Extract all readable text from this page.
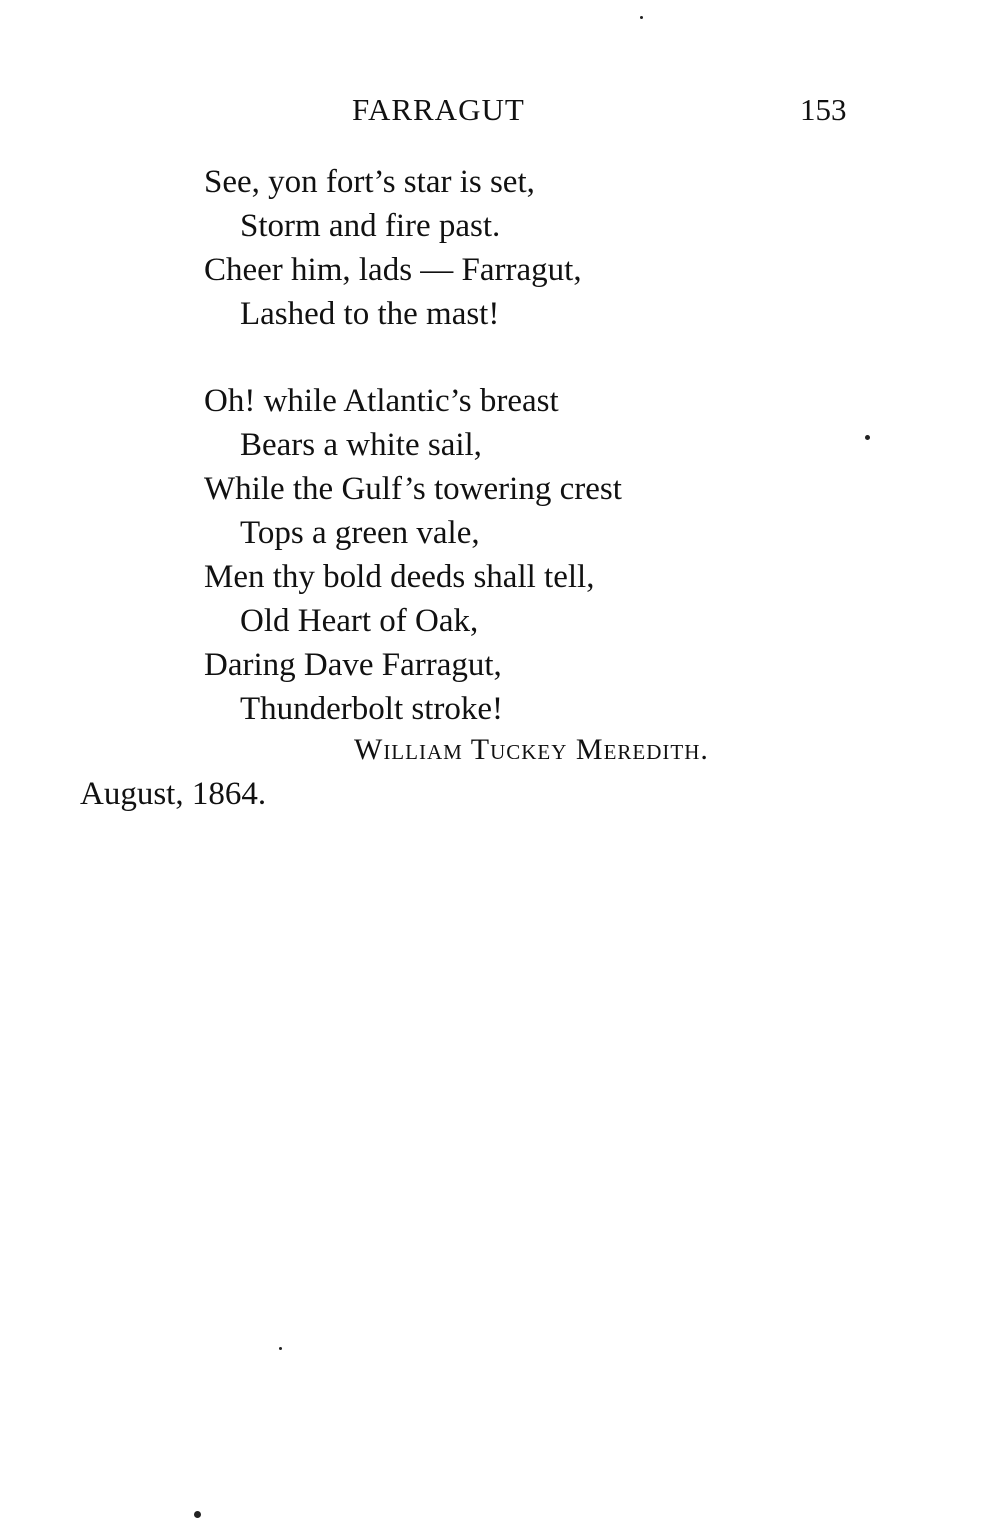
FARRAGUT	153
See, yon fort’s star is set,
Storm and fire past.
Cheer him, lads — Farragut,
Lashed to the mast!
Oh! while Atlantic’s breast
Bears a white sail,
While the Gulf’s towering crest
Tops a green vale,
Men thy bold deeds shall tell,
Old Heart of Oak,
Daring Dave Farragut,
Thunderbolt stroke!
William Tuckey Meredith.
August, 1864.
